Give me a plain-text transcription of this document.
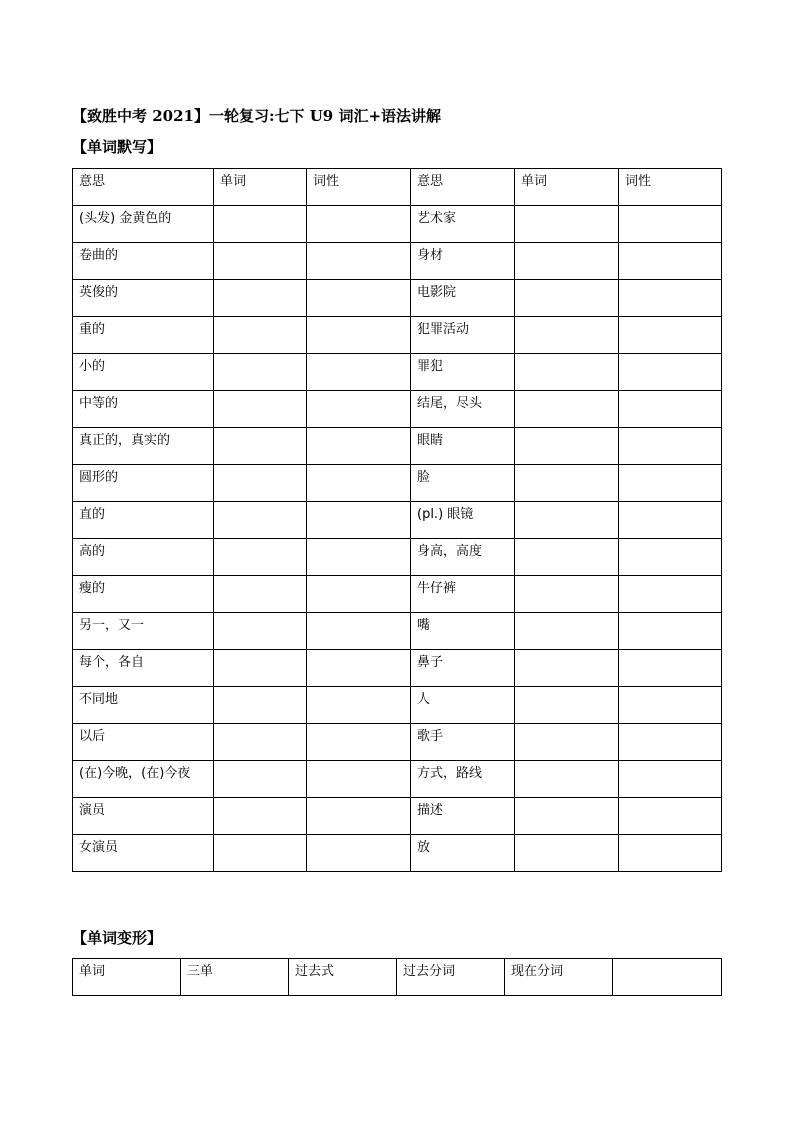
【致胜中考 2021】一轮复习:七下 U9 词汇+语法讲解
【单词默写】
意思	单词	词性	意思	单词	词性
(头发) 金黄色的			艺术家		
卷曲的			身材		
英俊的			电影院		
重的			犯罪活动		
小的			罪犯		
中等的			结尾，尽头		
真正的，真实的			眼睛		
圆形的			脸		
直的			(pl.) 眼镜		
高的			身高，高度		
瘦的			牛仔裤		
另一，又一			嘴		
每个，各自			鼻子		
不同地			人		
以后			歌手		
(在)今晚，(在)今夜			方式，路线		
演员			描述		
女演员			放		
【单词变形】
单词	三单	过去式	过去分词	现在分词	
